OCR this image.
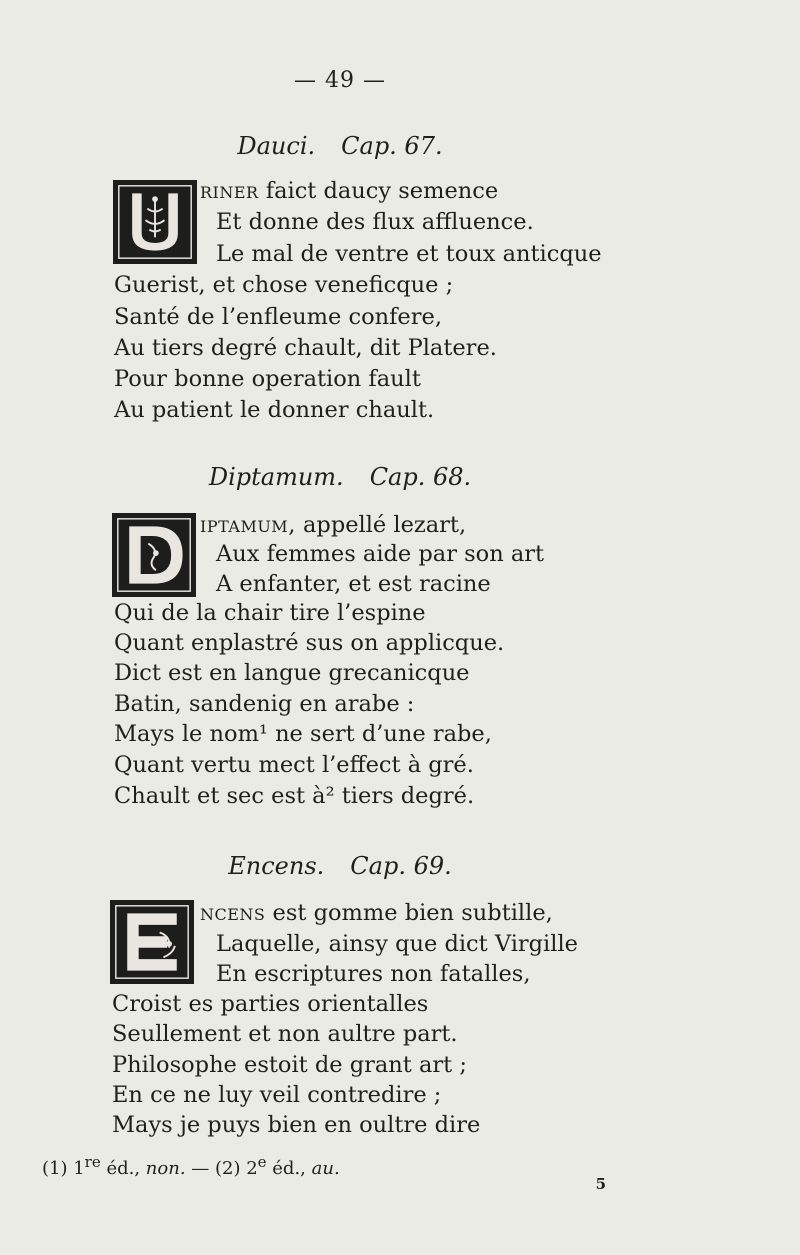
— 49 —
Dauci. Cap. 67.
riner faict daucy semence
Et donne des flux affluence.
Le mal de ventre et toux anticque
Guerist, et chose veneficque ;
Santé de l’enfleume confere,
Au tiers degré chault, dit Platere.
Pour bonne operation fault
Au patient le donner chault.
Diptamum. Cap. 68.
iptamum, appellé lezart,
Aux femmes aide par son art
A enfanter, et est racine
Qui de la chair tire l’espine
Quant enplastré sus on applicque.
Dict est en langue grecanicque
Batin, sandenig en arabe :
Mays le nom¹ ne sert d’une rabe,
Quant vertu mect l’effect à gré.
Chault et sec est à² tiers degré.
Encens. Cap. 69.
ncens est gomme bien subtille,
Laquelle, ainsy que dict Virgille
En escriptures non fatalles,
Croist es parties orientalles
Seullement et non aultre part.
Philosophe estoit de grant art ;
En ce ne luy veil contredire ;
Mays je puys bien en oultre dire
(1) 1re éd., non. — (2) 2e éd., au.
5
